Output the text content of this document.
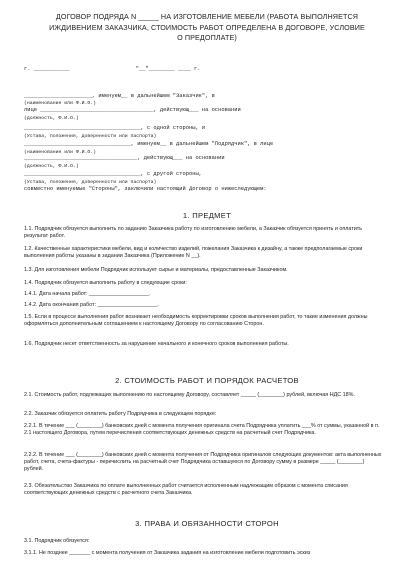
ДОГОВОР ПОДРЯДА N _____ НА ИЗГОТОВЛЕНИЕ МЕБЕЛИ (РАБОТА ВЫПОЛНЯЕТСЯ
ИЖДИВЕНИЕМ ЗАКАЗЧИКА, СТОИМОСТЬ РАБОТ ОПРЕДЕЛЕНА В ДОГОВОРЕ, УСЛОВИЕ
О ПРЕДОПЛАТЕ)
г. ___________	"__"________ ____ г.
_____________________, именуем__ в дальнейшем "Заказчик", в
(наименование или Ф.И.О.)
лице ___________________________________, действующ___ на основании
(должность, Ф.И.О.)
____________________________________, с одной стороны, и
(Устава, положения, доверенности или паспорта)
_________________________________, именуем__ в дальнейшем "Подрядчик", в лице
(наименование или Ф.И.О.)
___________________________________, действующ___ на основании
(должность, Ф.И.О.)
____________________________________, с другой стороны,
(Устава, положения, доверенности или паспорта)
совместно именуемые "Стороны", заключили настоящий Договор о нижеследующем:
1. ПРЕДМЕТ
1.1. Подрядчик обязуется выполнить по заданию Заказчика работу по изготовлению мебели, а Заказчик обязуется принять и оплатить результат работ.
1.2. Качественные характеристики мебели, вид и количество изделий, пожелания Заказчика к дизайну, а также предполагаемые сроки выполнения работы указаны в задании Заказчика (Приложение N __).
1.3. Для изготовления мебели Подрядчик использует сырье и материалы, предоставленные Заказчиком.
1.4. Подрядчик обязуется выполнить работу в следующие сроки:
1.4.1. Дата начала работ: ____________________.
1.4.2. Дата окончания работ: ____________________.
1.5. Если в процессе выполнения работ возникает необходимость корректировки сроков выполнения работ, то такие изменения должны оформляться дополнительным соглашением к настоящему Договору по согласованию Сторон.
1.6. Подрядчик несет ответственность за нарушение начального и конечного сроков выполнения работы.
2. СТОИМОСТЬ РАБОТ И ПОРЯДОК РАСЧЕТОВ
2.1. Стоимость работ, подлежащих выполнению по настоящему Договору, составляет _____ (________) рублей, включая НДС 18%.
2.2. Заказчик обязуется оплатить работу Подрядчика в следующем порядке:
2.2.1. В течение ___ (________) банковских дней с момента получения оригинала счета Подрядчика уплатить ___% от суммы, указанной в п. 2.1 настоящего Договора, путем перечисления соответствующих денежных средств на расчетный счет Подрядчика.
2.2.2. В течение ___ (________) банковских дней с момента получения от Подрядчика оригиналов следующих документов: акта выполненных работ, счета, счета-фактуры - перечислить на расчетный счет Подрядчика оставшуюся по Договору сумму в размере _____ (________) рублей.
2.3. Обязательство Заказчика по оплате выполненных работ считается исполненным надлежащим образом с момента списания соответствующих денежных средств с расчетного счета Заказчика.
3. ПРАВА И ОБЯЗАННОСТИ СТОРОН
3.1. Подрядчик обязуется:
3.1.1. Не позднее _______ с момента получения от Заказчика задания на изготовление мебели подготовить эскиз
